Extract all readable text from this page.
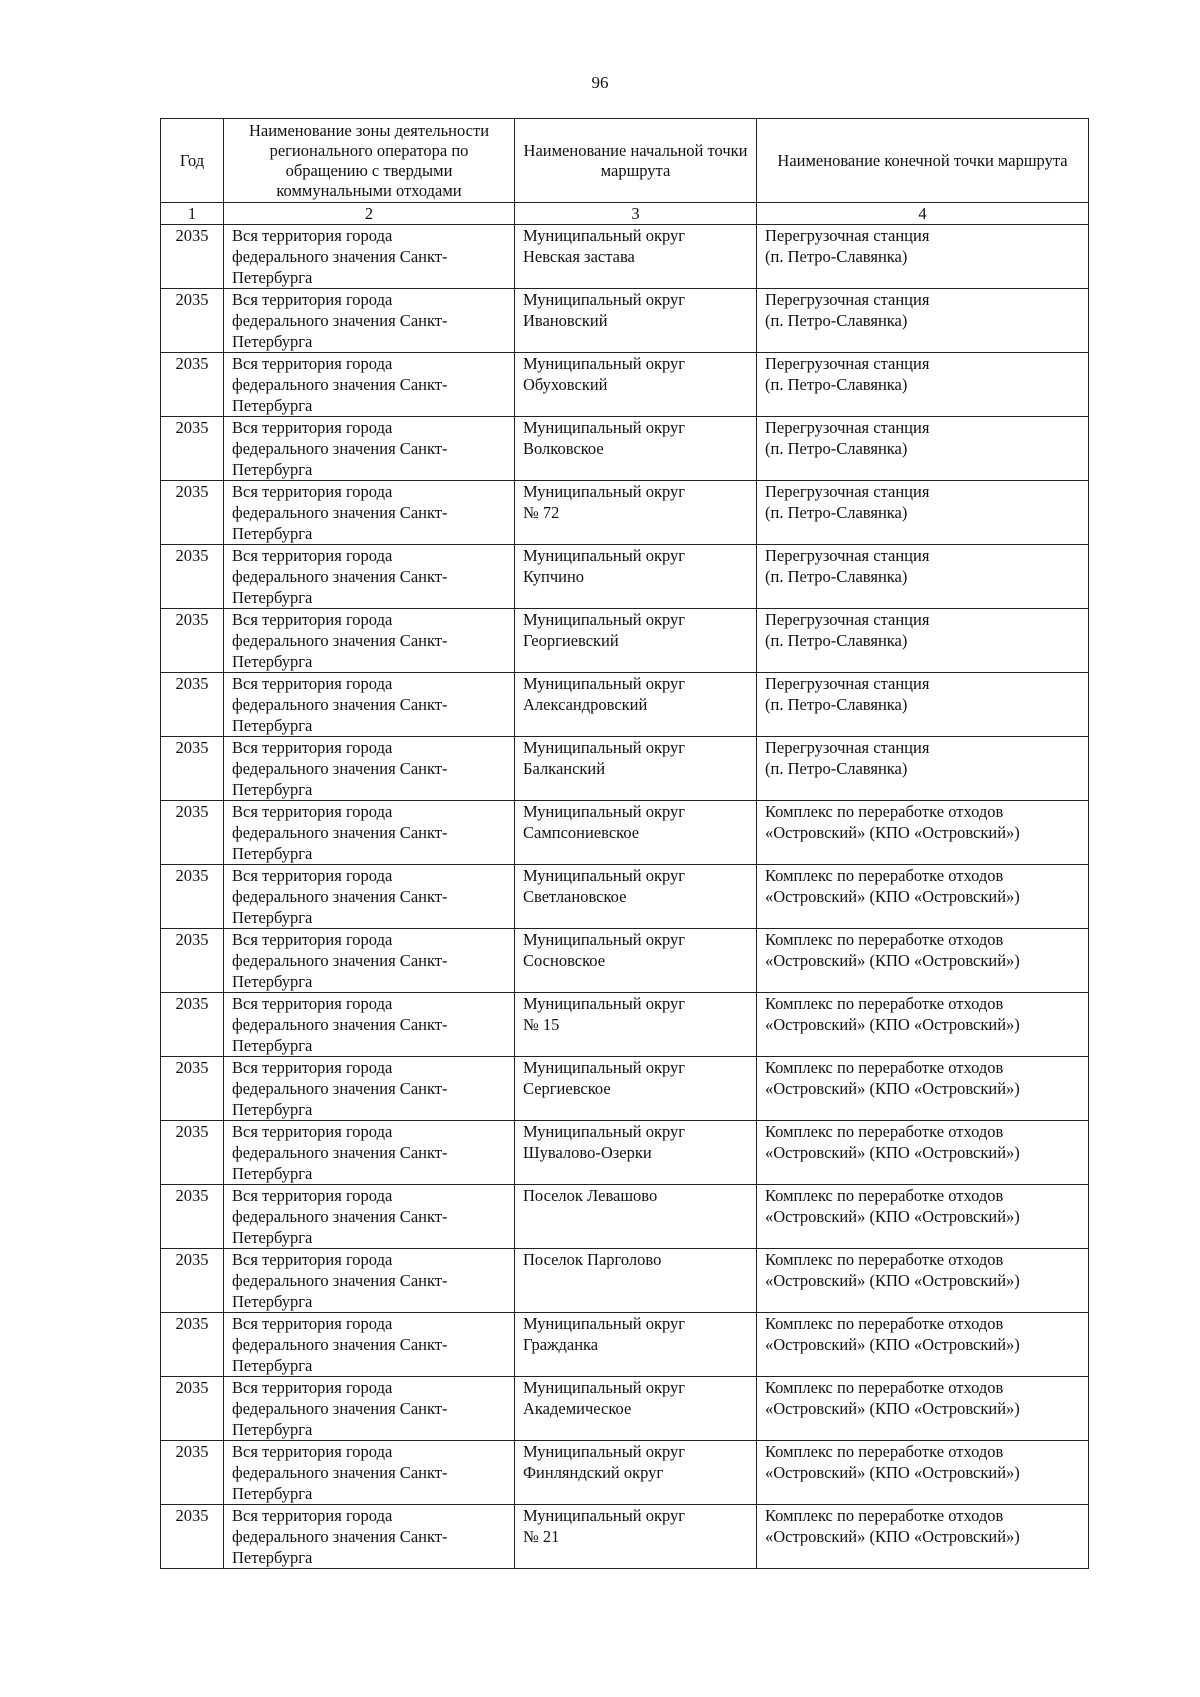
96
Год	Наименование зоны деятельности регионального оператора по обращению с твердыми коммунальными отходами	Наименование начальной точки маршрута	Наименование конечной точки маршрута
1	2	3	4
2035	Вся территория города
федерального значения Санкт-
Петербурга	Муниципальный округ
Невская застава	Перегрузочная станция
(п. Петро-Славянка)
2035	Вся территория города
федерального значения Санкт-
Петербурга	Муниципальный округ
Ивановский	Перегрузочная станция
(п. Петро-Славянка)
2035	Вся территория города
федерального значения Санкт-
Петербурга	Муниципальный округ
Обуховский	Перегрузочная станция
(п. Петро-Славянка)
2035	Вся территория города
федерального значения Санкт-
Петербурга	Муниципальный округ
Волковское	Перегрузочная станция
(п. Петро-Славянка)
2035	Вся территория города
федерального значения Санкт-
Петербурга	Муниципальный округ
№ 72	Перегрузочная станция
(п. Петро-Славянка)
2035	Вся территория города
федерального значения Санкт-
Петербурга	Муниципальный округ
Купчино	Перегрузочная станция
(п. Петро-Славянка)
2035	Вся территория города
федерального значения Санкт-
Петербурга	Муниципальный округ
Георгиевский	Перегрузочная станция
(п. Петро-Славянка)
2035	Вся территория города
федерального значения Санкт-
Петербурга	Муниципальный округ
Александровский	Перегрузочная станция
(п. Петро-Славянка)
2035	Вся территория города
федерального значения Санкт-
Петербурга	Муниципальный округ
Балканский	Перегрузочная станция
(п. Петро-Славянка)
2035	Вся территория города
федерального значения Санкт-
Петербурга	Муниципальный округ
Сампсониевское	Комплекс по переработке отходов
«Островский» (КПО «Островский»)
2035	Вся территория города
федерального значения Санкт-
Петербурга	Муниципальный округ
Светлановское	Комплекс по переработке отходов
«Островский» (КПО «Островский»)
2035	Вся территория города
федерального значения Санкт-
Петербурга	Муниципальный округ
Сосновское	Комплекс по переработке отходов
«Островский» (КПО «Островский»)
2035	Вся территория города
федерального значения Санкт-
Петербурга	Муниципальный округ
№ 15	Комплекс по переработке отходов
«Островский» (КПО «Островский»)
2035	Вся территория города
федерального значения Санкт-
Петербурга	Муниципальный округ
Сергиевское	Комплекс по переработке отходов
«Островский» (КПО «Островский»)
2035	Вся территория города
федерального значения Санкт-
Петербурга	Муниципальный округ
Шувалово-Озерки	Комплекс по переработке отходов
«Островский» (КПО «Островский»)
2035	Вся территория города
федерального значения Санкт-
Петербурга	Поселок Левашово	Комплекс по переработке отходов
«Островский» (КПО «Островский»)
2035	Вся территория города
федерального значения Санкт-
Петербурга	Поселок Парголово	Комплекс по переработке отходов
«Островский» (КПО «Островский»)
2035	Вся территория города
федерального значения Санкт-
Петербурга	Муниципальный округ
Гражданка	Комплекс по переработке отходов
«Островский» (КПО «Островский»)
2035	Вся территория города
федерального значения Санкт-
Петербурга	Муниципальный округ
Академическое	Комплекс по переработке отходов
«Островский» (КПО «Островский»)
2035	Вся территория города
федерального значения Санкт-
Петербурга	Муниципальный округ
Финляндский округ	Комплекс по переработке отходов
«Островский» (КПО «Островский»)
2035	Вся территория города
федерального значения Санкт-
Петербурга	Муниципальный округ
№ 21	Комплекс по переработке отходов
«Островский» (КПО «Островский»)
